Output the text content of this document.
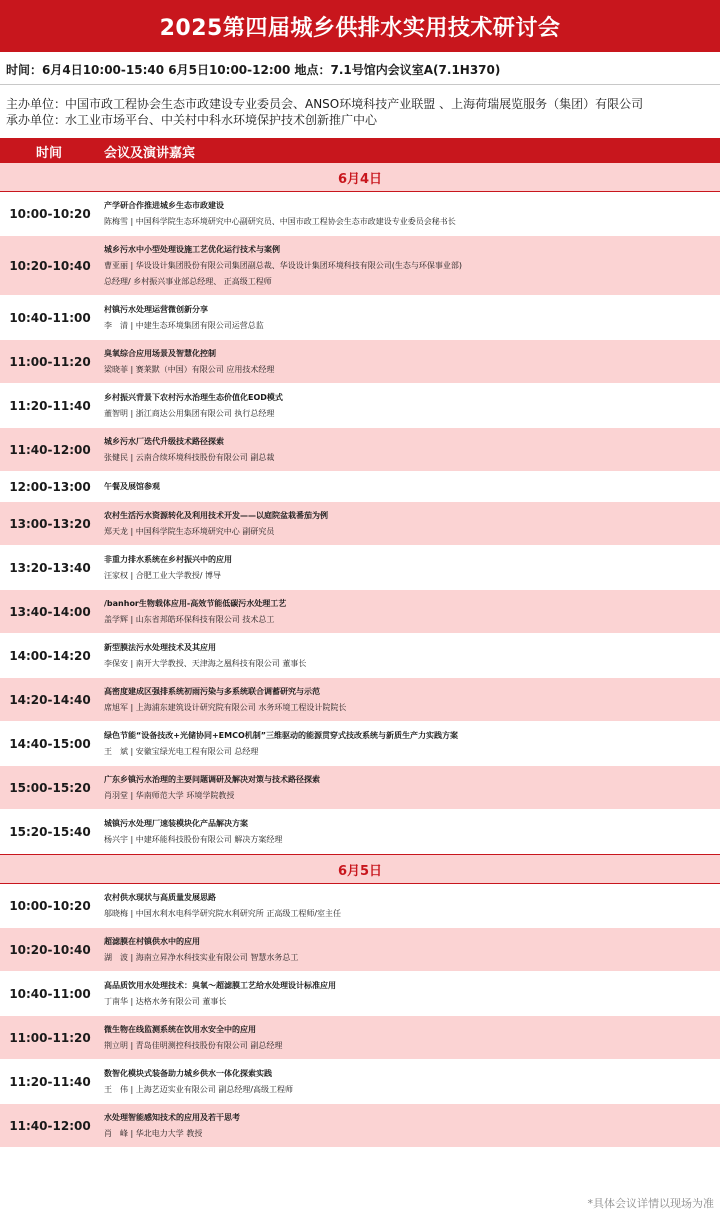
2025第四届城乡供排水实用技术研讨会
时间：6月4日10:00-15:40 6月5日10:00-12:00 地点：7.1号馆内会议室A(7.1H370)
主办单位：中国市政工程协会生态市政建设专业委员会、ANSO环境科技产业联盟 、上海荷瑞展览服务（集团）有限公司
承办单位：水工业市场平台、中关村中科水环境保护技术创新推广中心
时间	会议及演讲嘉宾
6月4日
10:00-10:20
产学研合作推进城乡生态市政建设
陈梅雪 | 中国科学院生态环境研究中心副研究员、中国市政工程协会生态市政建设专业委员会秘书长
10:20-10:40
城乡污水中小型处理设施工艺优化运行技术与案例
曹亚丽 | 华设设计集团股份有限公司集团副总裁、华设设计集团环境科技有限公司(生态与环保事业部)
总经理/ 乡村振兴事业部总经理、 正高级工程师
10:40-11:00
村镇污水处理运营微创新分享
李　清 | 中建生态环境集团有限公司运营总监
11:00-11:20
臭氧综合应用场景及智慧化控制
梁晓菲 | 赛莱默（中国）有限公司 应用技术经理
11:20-11:40
乡村振兴背景下农村污水治理生态价值化EOD模式
董智明 | 浙江商达公用集团有限公司 执行总经理
11:40-12:00
城乡污水厂迭代升级技术路径探索
张健民 | 云南合续环境科技股份有限公司 副总裁
12:00-13:00	午餐及展馆参观
13:00-13:20
农村生活污水资源转化及利用技术开发——以庭院盆栽番茄为例
郑天龙 | 中国科学院生态环境研究中心 副研究员
13:20-13:40
非重力排水系统在乡村振兴中的应用
汪家权 | 合肥工业大学教授/ 博导
13:40-14:00
/banhor生物载体应用-高效节能低碳污水处理工艺
盖学辉 | 山东省邦皓环保科技有限公司 技术总工
14:00-14:20
新型膜法污水处理技术及其应用
李保安 | 南开大学教授、天津海之凰科技有限公司 董事长
14:20-14:40
高密度建成区强排系统初雨污染与多系统联合调蓄研究与示范
席旭军 | 上海浦东建筑设计研究院有限公司 水务环境工程设计院院长
14:40-15:00
绿色节能“设备技改+光储协同+EMCO机制”三维驱动的能源贯穿式技改系统与新质生产力实践方案
王　斌 | 安徽宝绿光电工程有限公司 总经理
15:00-15:20
广东乡镇污水治理的主要问题调研及解决对策与技术路径探索
肖羽堂 | 华南师范大学 环境学院教授
15:20-15:40
城镇污水处理厂速装模块化产品解决方案
杨兴宇 | 中建环能科技股份有限公司 解决方案经理
6月5日
10:00-10:20
农村供水现状与高质量发展思路
邬晓梅 | 中国水利水电科学研究院水利研究所 正高级工程师/室主任
10:20-10:40
超滤膜在村镇供水中的应用
湖　波 | 海南立昇净水科技实业有限公司 智慧水务总工
10:40-11:00
高品质饮用水处理技术：臭氧～超滤膜工艺给水处理设计标准应用
丁南华 | 达格水务有限公司 董事长
11:00-11:20
微生物在线监测系统在饮用水安全中的应用
荆立明 | 青岛佳明测控科技股份有限公司 副总经理
11:20-11:40
数智化模块式装备助力城乡供水一体化探索实践
王　伟 | 上海艺迈实业有限公司 副总经理/高级工程师
11:40-12:00
水处理智能感知技术的应用及若干思考
肖　峰 | 华北电力大学 教授
*具体会议详情以现场为准
